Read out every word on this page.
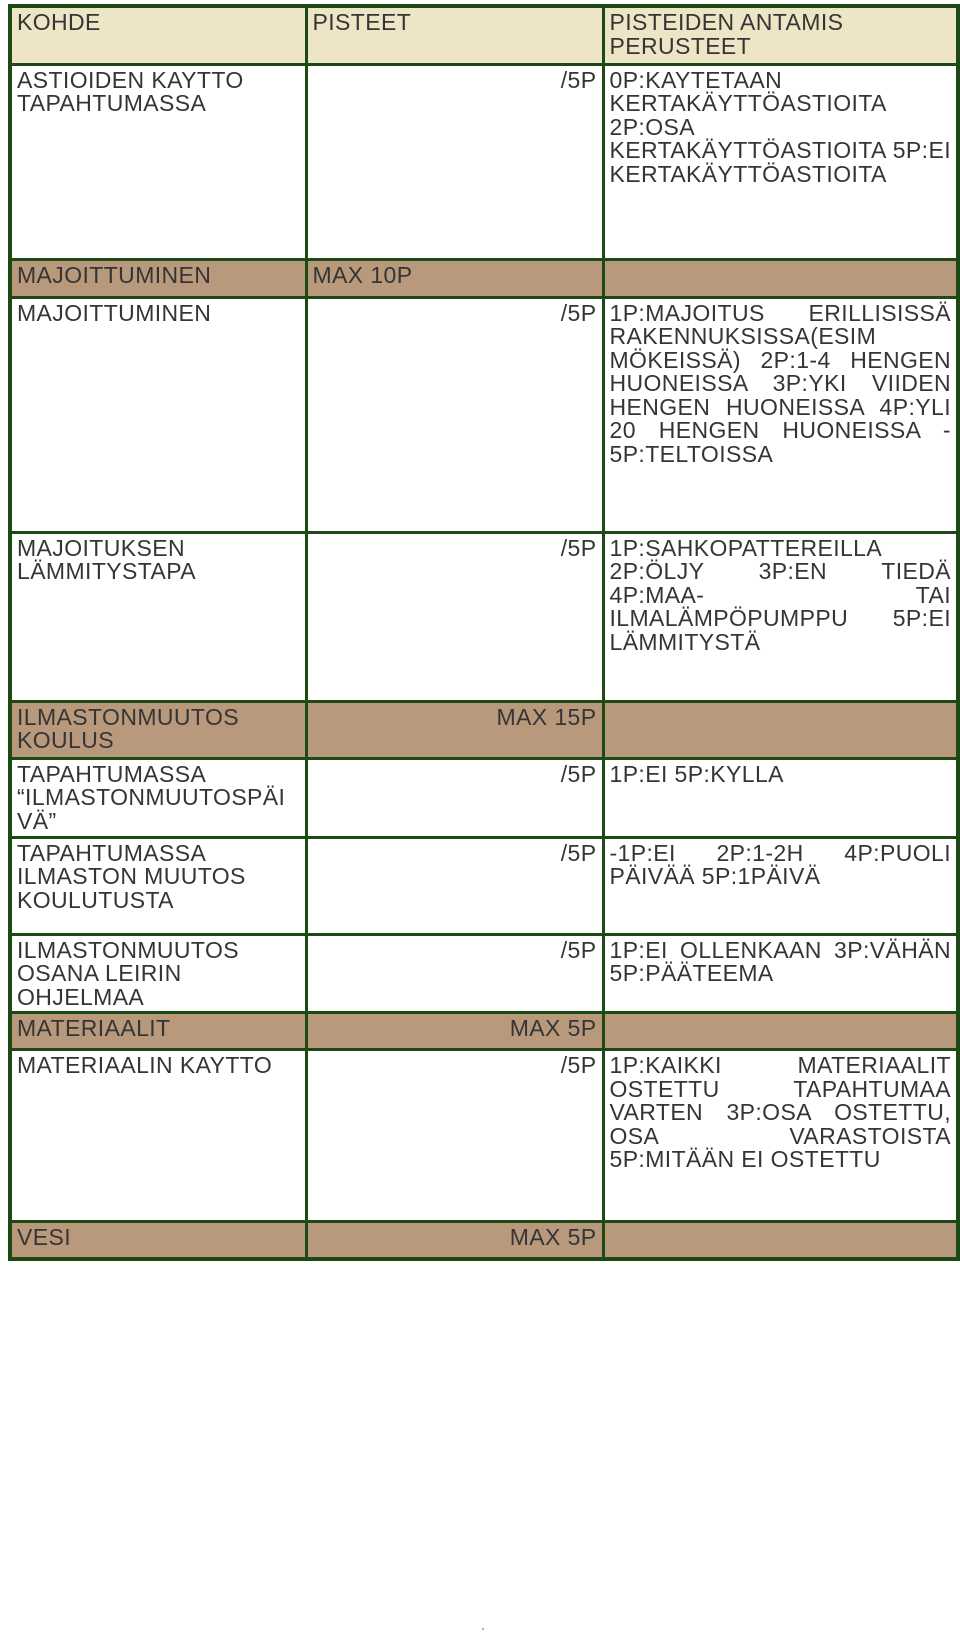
KOHDE	PISTEET	PISTEIDEN ANTAMIS PERUSTEET
ASTIOIDEN KAYTTO TAPAHTUMASSA	/5P	0P:KAYTETAAN KERTAKÄYTTÖASTIOITA 2P:OSA KERTAKÄYTTÖASTIOITA 5P:EI KERTAKÄYTTÖASTIOITA
MAJOITTUMINEN	MAX 10P	
MAJOITTUMINEN	/5P	1P:MAJOITUS ERILLISISSÄ RAKENNUKSISSA(ESIM MÖKEISSÄ) 2P:1-4 HENGEN HUONEISSA 3P:YKI VIIDEN HENGEN HUONEISSA 4P:YLI 20 HENGEN HUONEISSA - 5P:TELTOISSA
MAJOITUKSEN LÄMMITYSTAPA	/5P	1P:SAHKOPATTEREILLA 2P:ÖLJY 3P:EN TIEDÄ 4P:MAA- TAI ILMALÄMPÖPUMPPU 5P:EI LÄMMITYSTÄ
ILMASTONMUUTOS KOULUS	MAX 15P	
TAPAHTUMASSA “ILMASTONMUUTOSPÄIVÄ”	/5P	1P:EI 5P:KYLLA
TAPAHTUMASSA ILMASTON MUUTOS KOULUTUSTA	/5P	-1P:EI 2P:1-2H 4P:PUOLI PÄIVÄÄ 5P:1PÄIVÄ
ILMASTONMUUTOS OSANA LEIRIN OHJELMAA	/5P	1P:EI OLLENKAAN 3P:VÄHÄN 5P:PÄÄTEEMA
MATERIAALIT	MAX 5P	
MATERIAALIN KAYTTO	/5P	1P:KAIKKI MATERIAALIT OSTETTU TAPAHTUMAA VARTEN 3P:OSA OSTETTU, OSA VARASTOISTA 5P:MITÄÄN EI OSTETTU
VESI	MAX 5P	
